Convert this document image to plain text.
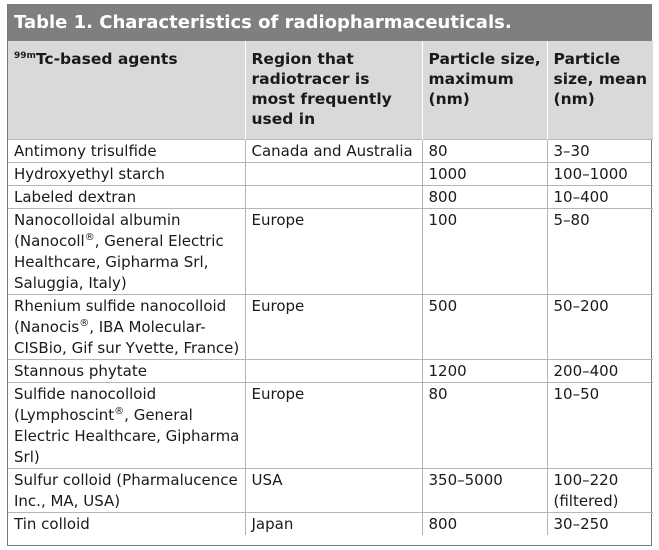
Table 1. Characteristics of radiopharmaceuticals.
$^{99m}$Tc-based agents	Region that radiotracer is most frequently used in	Particle size, maximum (nm)	Particle size, mean (nm)
Antimony trisulfide	Canada and Australia	80	3–30
Hydroxyethyl starch		1000	100–1000
Labeled dextran		800	10–400
Nanocolloidal albumin (Nanocoll®, General Electric Healthcare, Gipharma Srl, Saluggia, Italy)	Europe	100	5–80
Rhenium sulfide nanocolloid (Nanocis®, IBA Molecular-CISBio, Gif sur Yvette, France)	Europe	500	50–200
Stannous phytate		1200	200–400
Sulfide nanocolloid (Lymphoscint®, General Electric Healthcare, Gipharma Srl)	Europe	80	10–50
Sulfur colloid (Pharmalucence Inc., MA, USA)	USA	350–5000	100–220 (filtered)
Tin colloid	Japan	800	30–250
